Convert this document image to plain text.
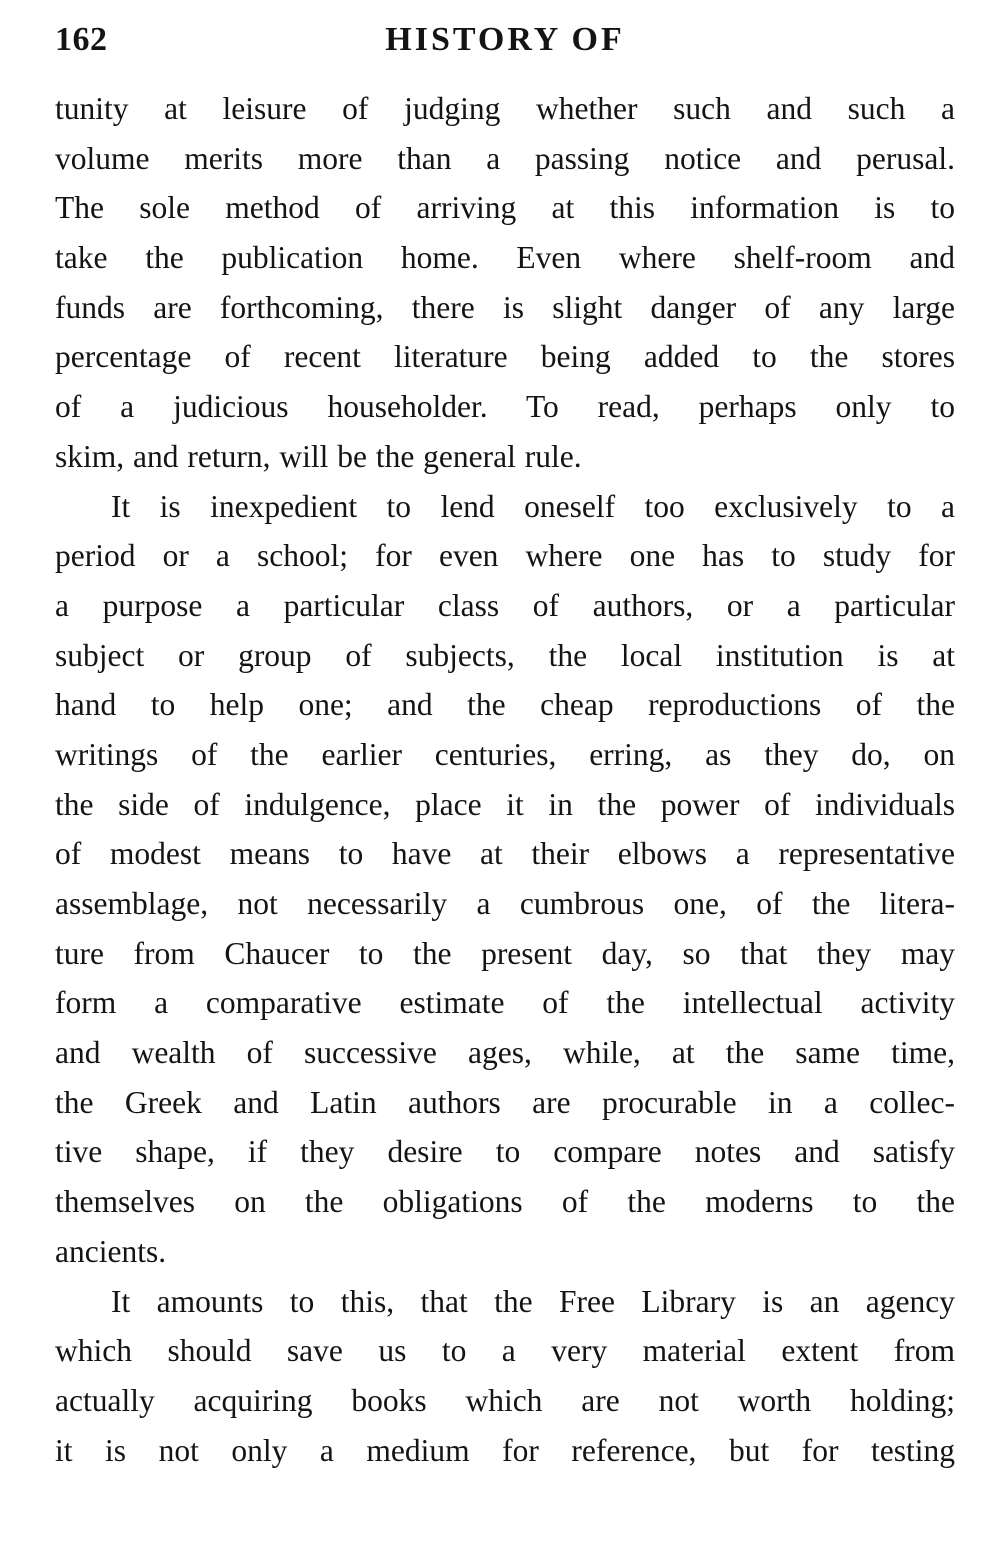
162	HISTORY OF
tunity at leisure of judging whether such and such a
volume merits more than a passing notice and perusal.
The sole method of arriving at this information is to
take the publication home. Even where shelf-room and
funds are forthcoming, there is slight danger of any large
percentage of recent literature being added to the stores
of a judicious householder. To read, perhaps only to
skim, and return, will be the general rule.
It is inexpedient to lend oneself too exclusively to a
period or a school; for even where one has to study for
a purpose a particular class of authors, or a particular
subject or group of subjects, the local institution is at
hand to help one; and the cheap reproductions of the
writings of the earlier centuries, erring, as they do, on
the side of indulgence, place it in the power of individuals
of modest means to have at their elbows a representative
assemblage, not necessarily a cumbrous one, of the litera-
ture from Chaucer to the present day, so that they may
form a comparative estimate of the intellectual activity
and wealth of successive ages, while, at the same time,
the Greek and Latin authors are procurable in a collec-
tive shape, if they desire to compare notes and satisfy
themselves on the obligations of the moderns to the
ancients.
It amounts to this, that the Free Library is an agency
which should save us to a very material extent from
actually acquiring books which are not worth holding;
it is not only a medium for reference, but for testing
